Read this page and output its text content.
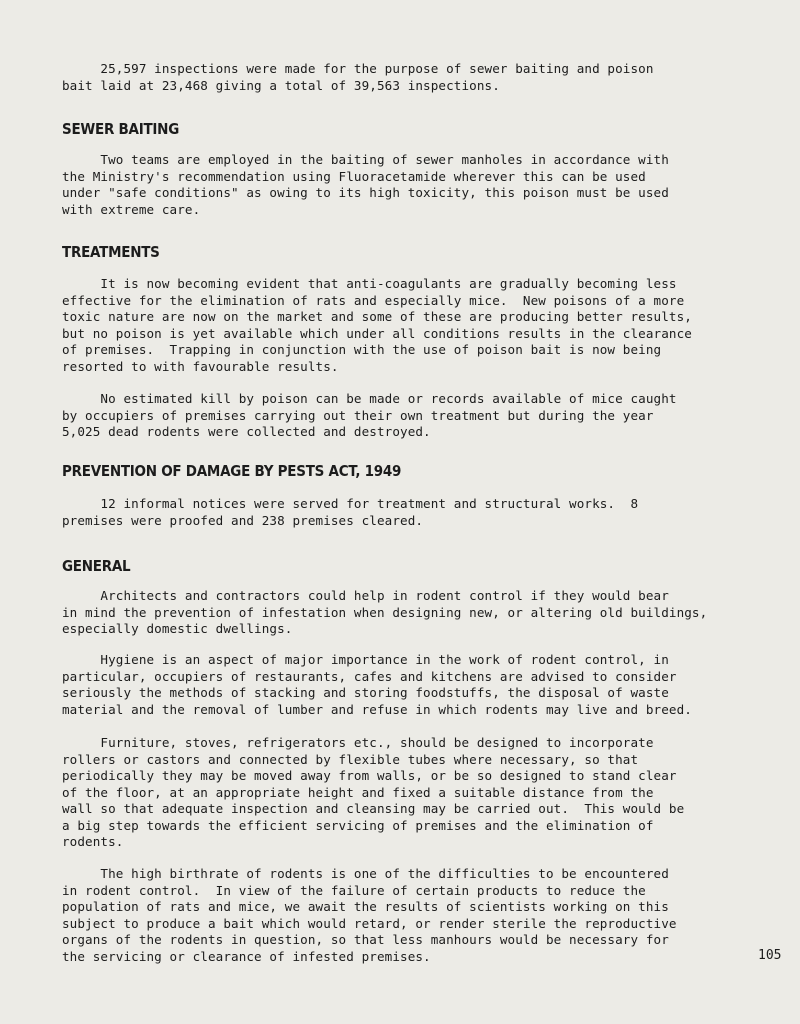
25,597 inspections were made for the purpose of sewer baiting and poison
bait laid at 23,468 giving a total of 39,563 inspections.

SEWER BAITING

Two teams are employed in the baiting of sewer manholes in accordance with
the Ministry's recommendation using Fluoracetamide wherever this can be used
under "safe conditions" as owing to its high toxicity, this poison must be used
with extreme care.

TREATMENTS

It is now becoming evident that anti-coagulants are gradually becoming less
effective for the elimination of rats and especially mice.  New poisons of a more
toxic nature are now on the market and some of these are producing better results,
but no poison is yet available which under all conditions results in the clearance
of premises.  Trapping in conjunction with the use of poison bait is now being
resorted to with favourable results.

No estimated kill by poison can be made or records available of mice caught
by occupiers of premises carrying out their own treatment but during the year
5,025 dead rodents were collected and destroyed.

PREVENTION OF DAMAGE BY PESTS ACT, 1949

12 informal notices were served for treatment and structural works.  8
premises were proofed and 238 premises cleared.

GENERAL

Architects and contractors could help in rodent control if they would bear
in mind the prevention of infestation when designing new, or altering old buildings,
especially domestic dwellings.

Hygiene is an aspect of major importance in the work of rodent control, in
particular, occupiers of restaurants, cafes and kitchens are advised to consider
seriously the methods of stacking and storing foodstuffs, the disposal of waste
material and the removal of lumber and refuse in which rodents may live and breed.

Furniture, stoves, refrigerators etc., should be designed to incorporate
rollers or castors and connected by flexible tubes where necessary, so that
periodically they may be moved away from walls, or be so designed to stand clear
of the floor, at an appropriate height and fixed a suitable distance from the
wall so that adequate inspection and cleansing may be carried out.  This would be
a big step towards the efficient servicing of premises and the elimination of
rodents.

The high birthrate of rodents is one of the difficulties to be encountered
in rodent control.  In view of the failure of certain products to reduce the
population of rats and mice, we await the results of scientists working on this
subject to produce a bait which would retard, or render sterile the reproductive
organs of the rodents in question, so that less manhours would be necessary for
the servicing or clearance of infested premises.	105
